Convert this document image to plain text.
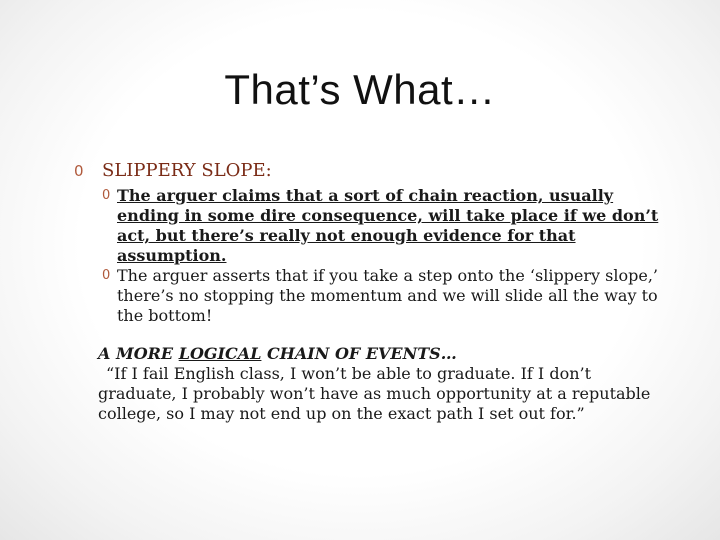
That’s What…
0 SLIPPERY SLOPE:
0 The arguer claims that a sort of chain reaction, usually ending in some dire consequence, will take place if we don’t act, but there’s really not enough evidence for that assumption.
0 The arguer asserts that if you take a step onto the ‘slippery slope,’ there’s no stopping the momentum and we will slide all the way to the bottom!
A MORE LOGICAL CHAIN OF EVENTS…
“If I fail English class, I won’t be able to graduate. If I don’t graduate, I probably won’t have as much opportunity at a reputable college, so I may not end up on the exact path I set out for.”
